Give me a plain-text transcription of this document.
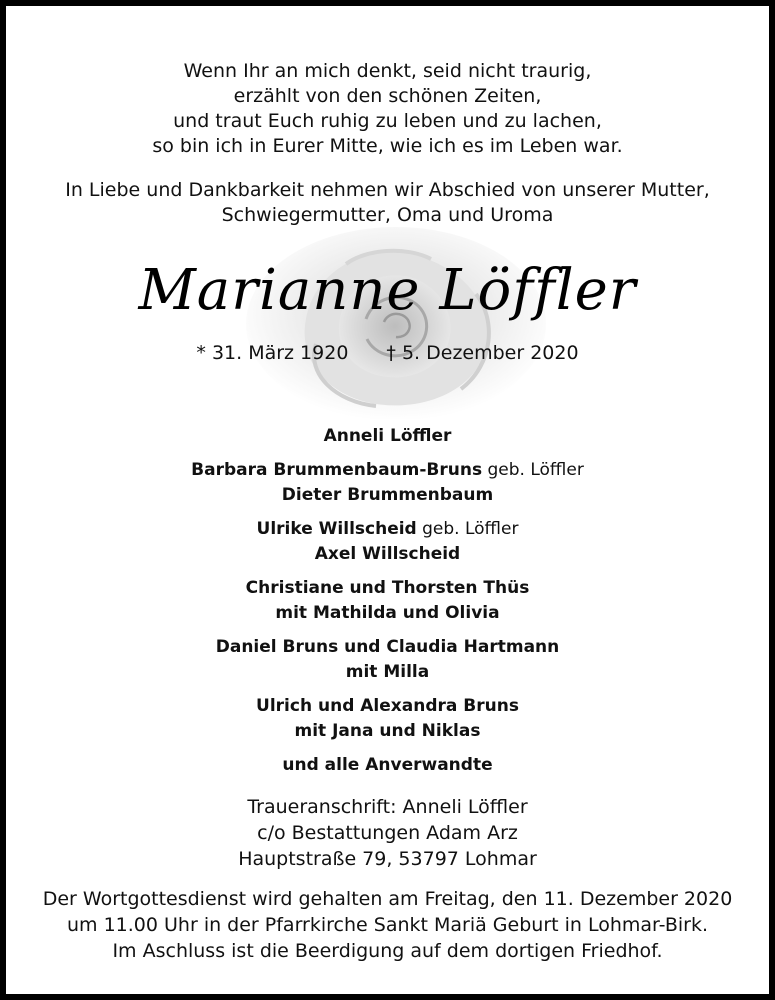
Wenn Ihr an mich denkt, seid nicht traurig,
erzählt von den schönen Zeiten,
und traut Euch ruhig zu leben und zu lachen,
so bin ich in Eurer Mitte, wie ich es im Leben war.
In Liebe und Dankbarkeit nehmen wir Abschied von unserer Mutter,
Schwiegermutter, Oma und Uroma
Marianne Löffler
* 31. März 1920 † 5. Dezember 2020
Anneli Löffler
Barbara Brummenbaum-Bruns geb. Löffler
Dieter Brummenbaum
Ulrike Willscheid geb. Löffler
Axel Willscheid
Christiane und Thorsten Thüs
mit Mathilda und Olivia
Daniel Bruns und Claudia Hartmann
mit Milla
Ulrich und Alexandra Bruns
mit Jana und Niklas
und alle Anverwandte
Traueranschrift: Anneli Löffler
c/o Bestattungen Adam Arz
Hauptstraße 79, 53797 Lohmar
Der Wortgottesdienst wird gehalten am Freitag, den 11. Dezember 2020
um 11.00 Uhr in der Pfarrkirche Sankt Mariä Geburt in Lohmar-Birk.
Im Aschluss ist die Beerdigung auf dem dortigen Friedhof.
